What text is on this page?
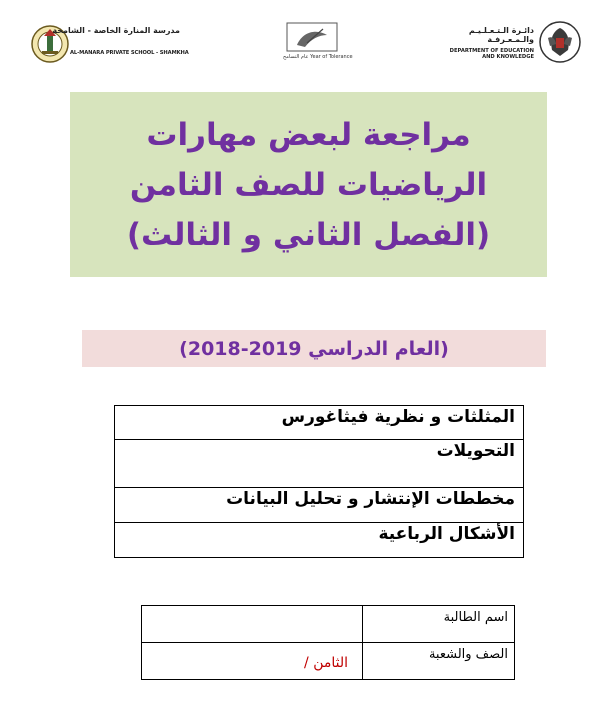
مدرسة المنارة الخاصة - الشامخة
AL-MANARA PRIVATE SCHOOL - SHAMKHA
عام التسامح Year of Tolerance
دائـرة الـتـعـلـيـم والـمـعـرفـة
DEPARTMENT OF EDUCATION
AND KNOWLEDGE
مراجعة لبعض مهارات
الرياضيات للصف الثامن
(الفصل الثاني و الثالث)
(العام الدراسي 2019-2018)
المثلثات و نظرية فيثاغورس
التحويلات
مخططات الإنتشار و تحليل البيانات
الأشكال الرباعية
اسم الطالبة	
الصف والشعبة	الثامن /
